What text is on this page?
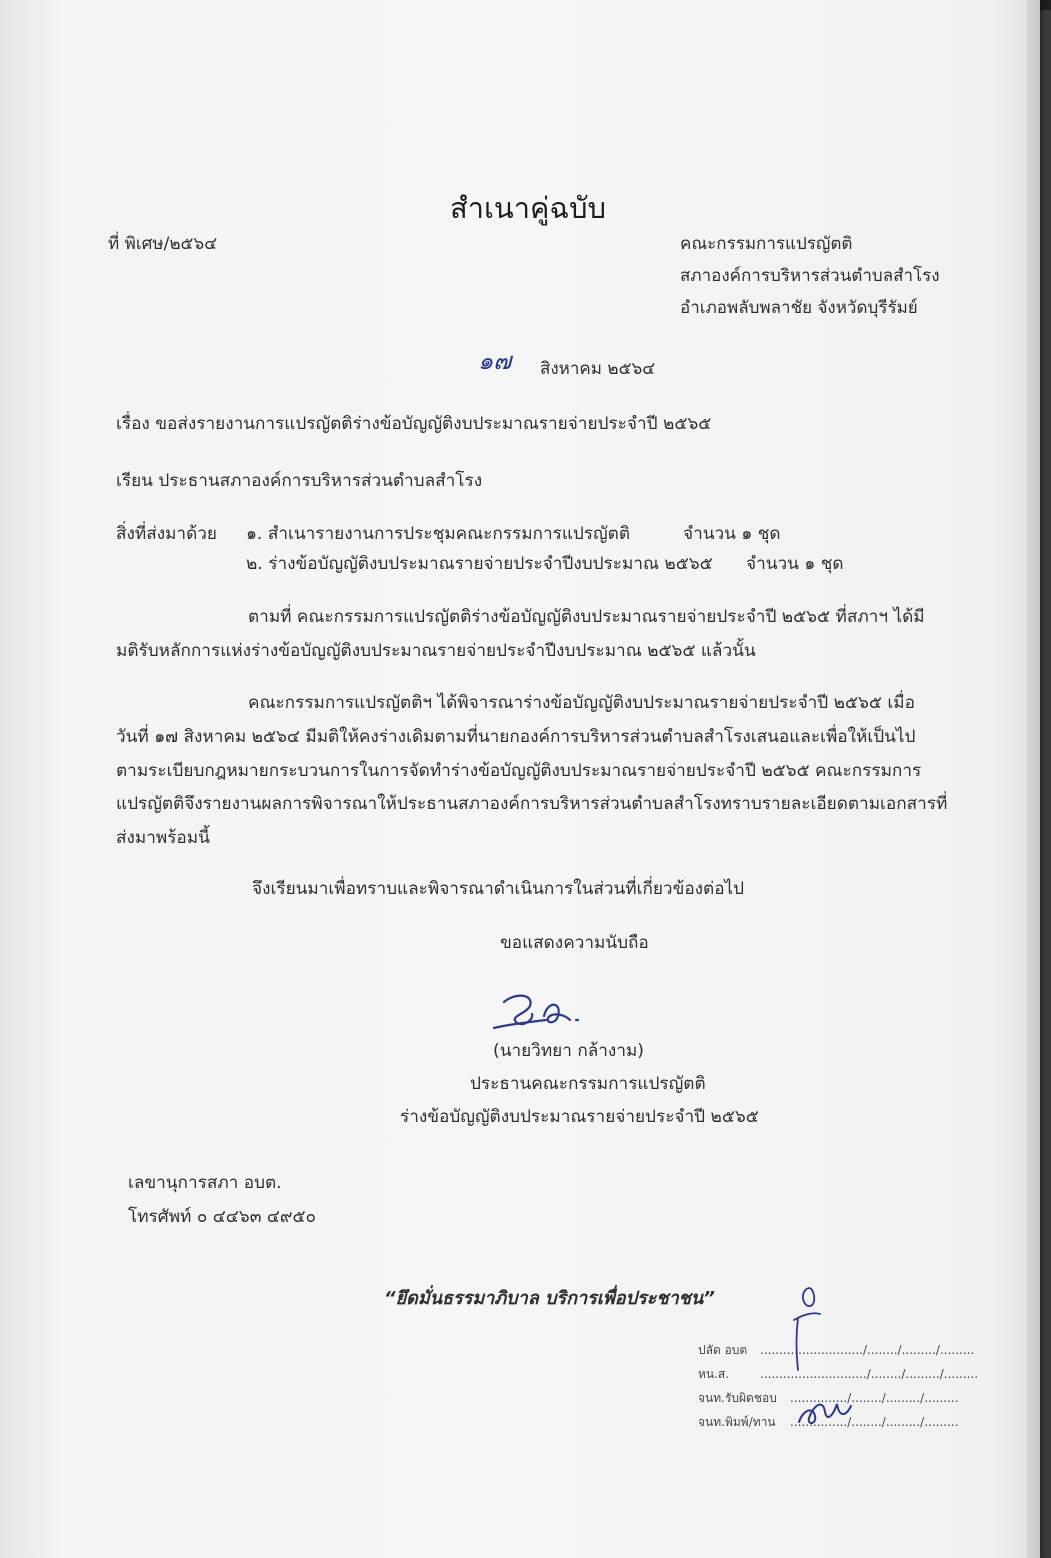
สำเนาคู่ฉบับ
ที่ พิเศษ/๒๕๖๔	คณะกรรมการแปรญัตติ
สภาองค์การบริหารส่วนตำบลสำโรง
อำเภอพลับพลาชัย จังหวัดบุรีรัมย์
๑๗ สิงหาคม ๒๕๖๔
เรื่อง ขอส่งรายงานการแปรญัตติร่างข้อบัญญัติงบประมาณรายจ่ายประจำปี ๒๕๖๕
เรียน ประธานสภาองค์การบริหารส่วนตำบลสำโรง
สิ่งที่ส่งมาด้วย ๑. สำเนารายงานการประชุมคณะกรรมการแปรญัตติ	จำนวน ๑ ชุด
๒. ร่างข้อบัญญัติงบประมาณรายจ่ายประจำปีงบประมาณ ๒๕๖๕ จำนวน ๑ ชุด
ตามที่ คณะกรรมการแปรญัตติร่างข้อบัญญัติงบประมาณรายจ่ายประจำปี ๒๕๖๕ ที่สภาฯ ได้มี
มติรับหลักการแห่งร่างข้อบัญญัติงบประมาณรายจ่ายประจำปีงบประมาณ ๒๕๖๕ แล้วนั้น
คณะกรรมการแปรญัตติฯ ได้พิจารณาร่างข้อบัญญัติงบประมาณรายจ่ายประจำปี ๒๕๖๕ เมื่อ
วันที่ ๑๗ สิงหาคม ๒๕๖๔ มีมติให้คงร่างเดิมตามที่นายกองค์การบริหารส่วนตำบลสำโรงเสนอและเพื่อให้เป็นไป
ตามระเบียบกฎหมายกระบวนการในการจัดทำร่างข้อบัญญัติงบประมาณรายจ่ายประจำปี ๒๕๖๕ คณะกรรมการ
แปรญัตติจึงรายงานผลการพิจารณาให้ประธานสภาองค์การบริหารส่วนตำบลสำโรงทราบรายละเอียดตามเอกสารที่
ส่งมาพร้อมนี้
จึงเรียนมาเพื่อทราบและพิจารณาดำเนินการในส่วนที่เกี่ยวข้องต่อไป
ขอแสดงความนับถือ
(นายวิทยา กล้างาม)
ประธานคณะกรรมการแปรญัตติ
ร่างข้อบัญญัติงบประมาณรายจ่ายประจำปี ๒๕๖๕
เลขานุการสภา อบต.
โทรศัพท์ ๐ ๔๔๖๓ ๔๙๕๐
“ยึดมั่นธรรมาภิบาล บริการเพื่อประชาชน”
ปลัด อบต .........................../......../........./.........
หน.ส.	............................/......../........./.........
จนท.รับผิดชอบ .............../......../........./.........
จนท.พิมพ์/ทาน .............../......../........./.........
